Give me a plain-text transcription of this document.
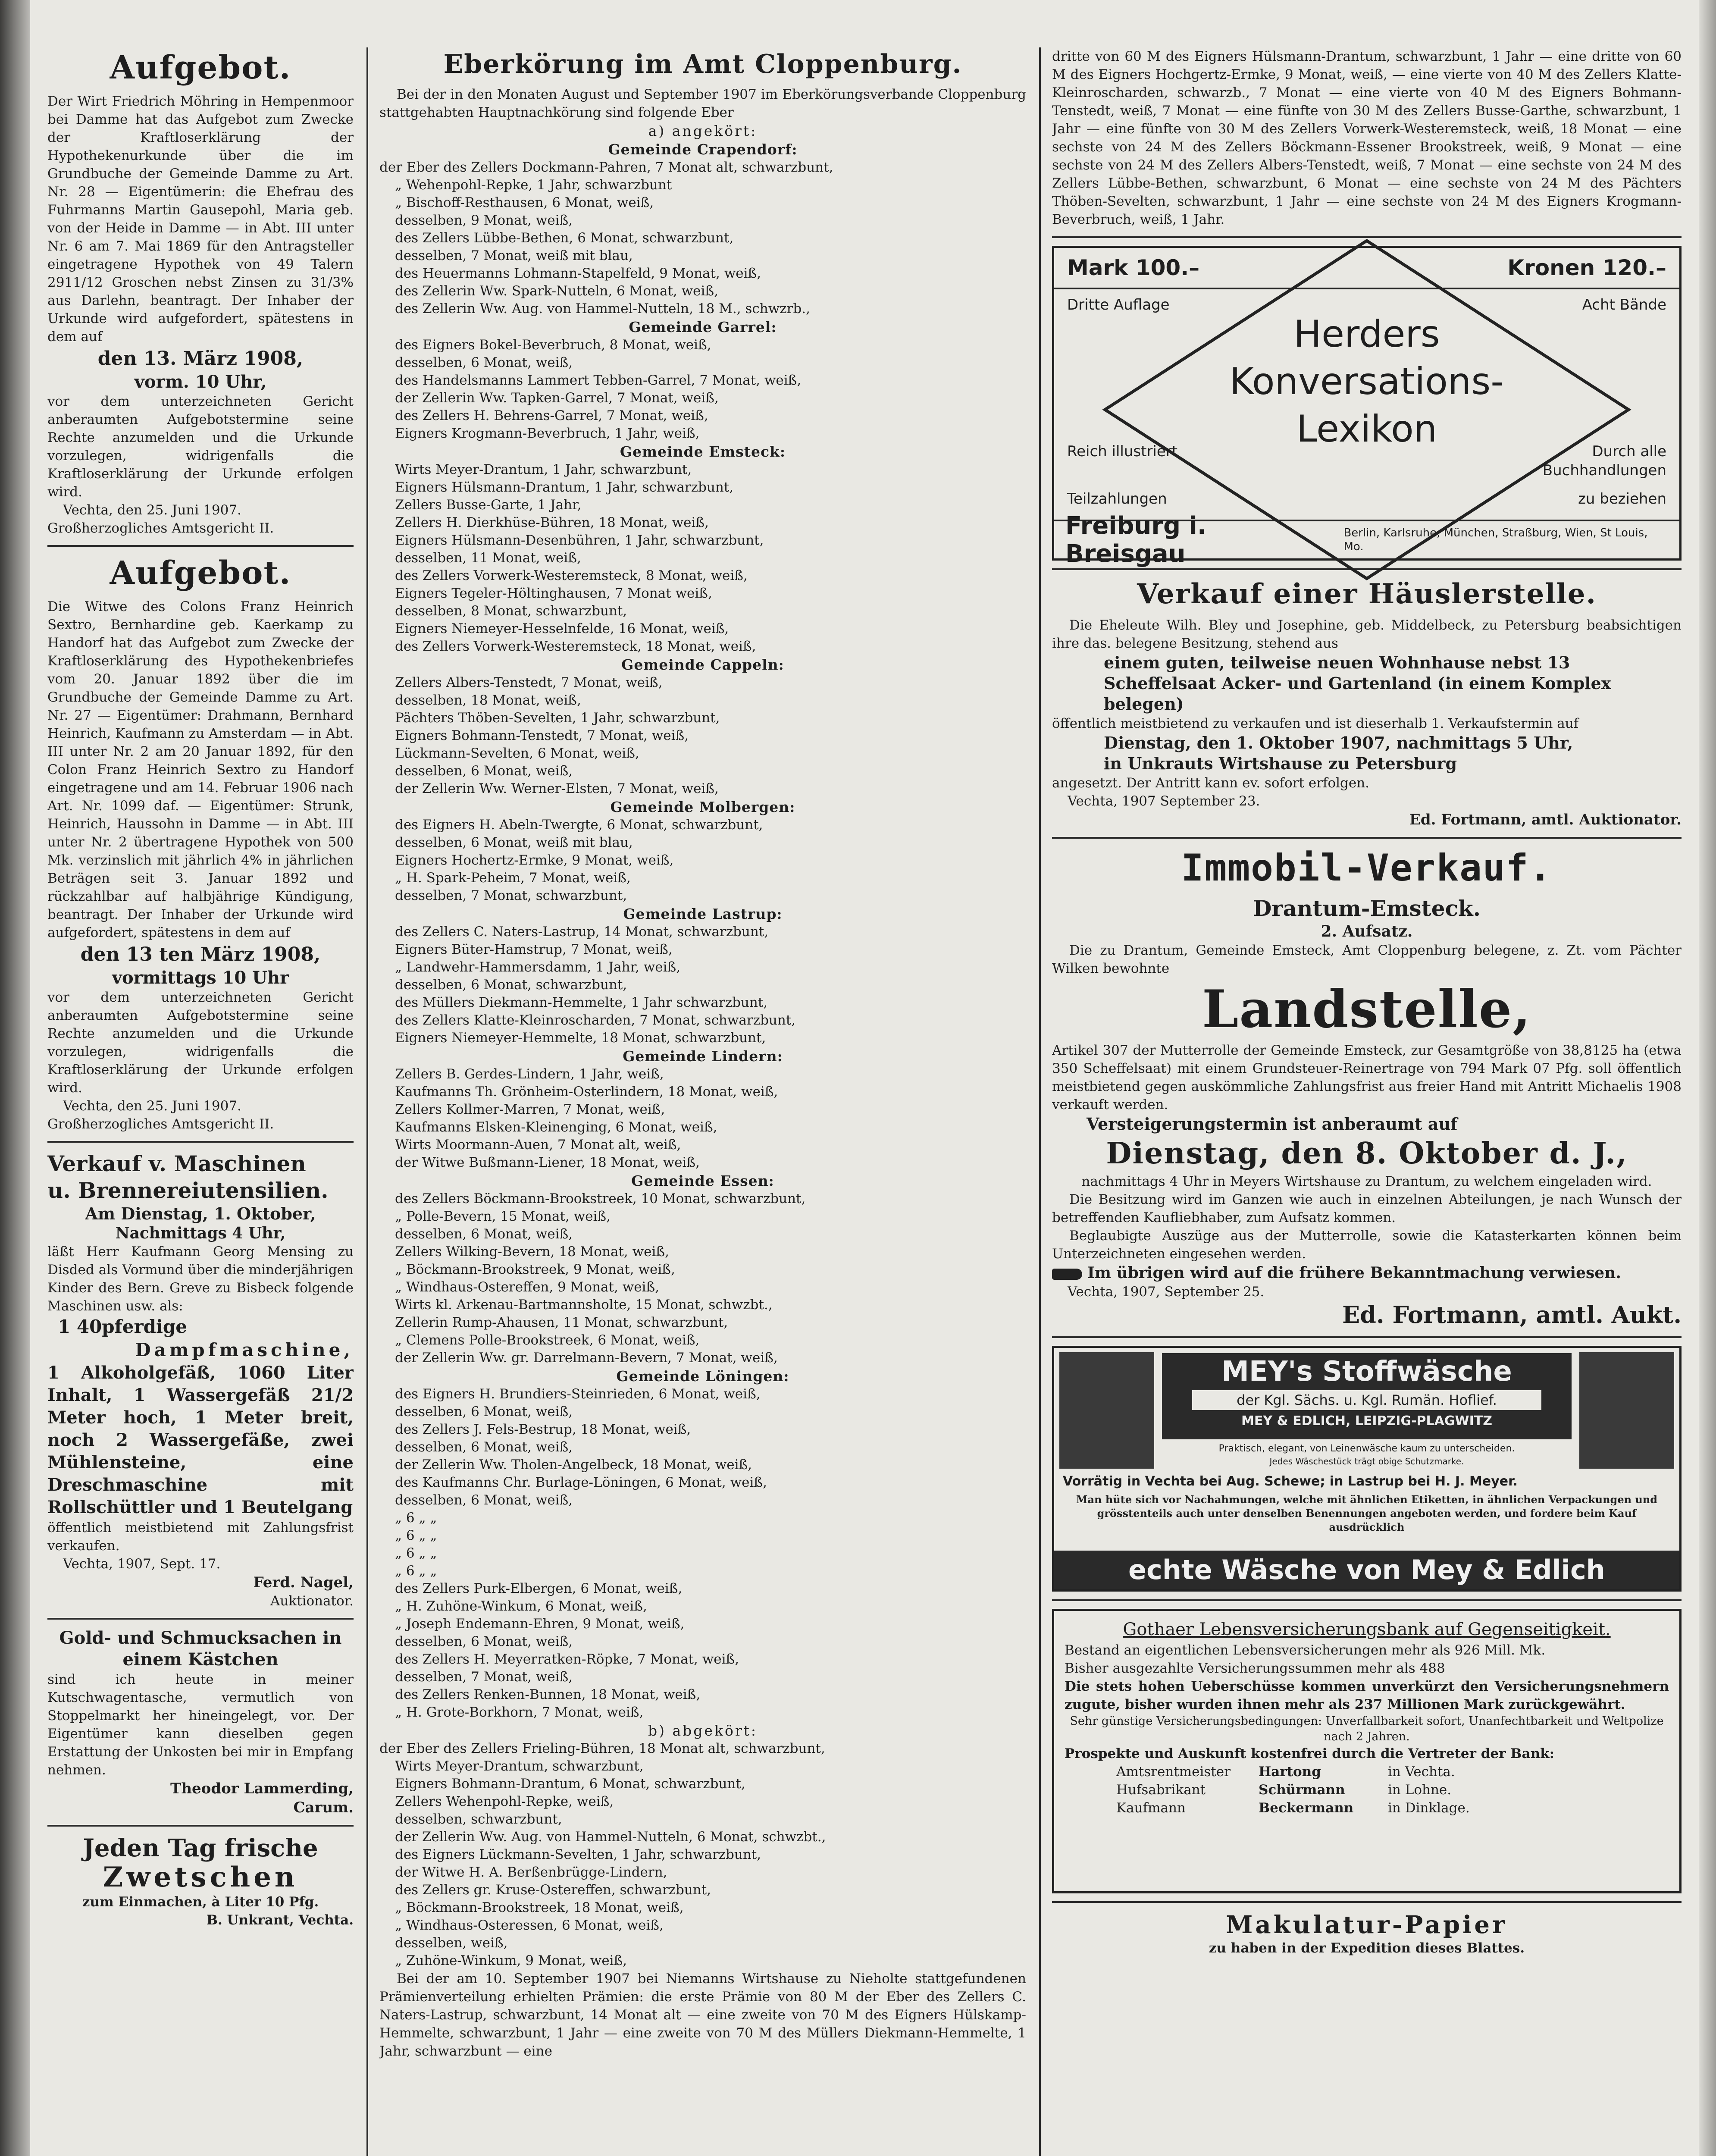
Aufgebot.
Der Wirt Friedrich Möhring in Hempenmoor bei Damme hat das Aufgebot zum Zwecke der Kraftloserklärung der Hypothekenurkunde über die im Grundbuche der Gemeinde Damme zu Art. Nr. 28 — Eigentümerin: die Ehefrau des Fuhrmanns Martin Gausepohl, Maria geb. von der Heide in Damme — in Abt. III unter Nr. 6 am 7. Mai 1869 für den Antragsteller eingetragene Hypothek von 49 Talern 2911/12 Groschen nebst Zinsen zu 31/3% aus Darlehn, beantragt. Der Inhaber der Urkunde wird aufgefordert, spätestens in dem auf
den 13. März 1908,
vorm. 10 Uhr,
vor dem unterzeichneten Gericht anberaumten Aufgebotstermine seine Rechte anzumelden und die Urkunde vorzulegen, widrigenfalls die Kraftloserklärung der Urkunde erfolgen wird.
Vechta, den 25. Juni 1907.
Großherzogliches Amtsgericht II.
Aufgebot.
Die Witwe des Colons Franz Heinrich Sextro, Bernhardine geb. Kaerkamp zu Handorf hat das Aufgebot zum Zwecke der Kraftloserklärung des Hypothekenbriefes vom 20. Januar 1892 über die im Grundbuche der Gemeinde Damme zu Art. Nr. 27 — Eigentümer: Drahmann, Bernhard Heinrich, Kaufmann zu Amsterdam — in Abt. III unter Nr. 2 am 20 Januar 1892, für den Colon Franz Heinrich Sextro zu Handorf eingetragene und am 14. Februar 1906 nach Art. Nr. 1099 daf. — Eigentümer: Strunk, Heinrich, Haussohn in Damme — in Abt. III unter Nr. 2 übertragene Hypothek von 500 Mk. verzinslich mit jährlich 4% in jährlichen Beträgen seit 3. Januar 1892 und rückzahlbar auf halbjährige Kündigung, beantragt. Der Inhaber der Urkunde wird aufgefordert, spätestens in dem auf
den 13 ten März 1908,
vormittags 10 Uhr
vor dem unterzeichneten Gericht anberaumten Aufgebotstermine seine Rechte anzumelden und die Urkunde vorzulegen, widrigenfalls die Kraftloserklärung der Urkunde erfolgen wird.
Vechta, den 25. Juni 1907.
Großherzogliches Amtsgericht II.
Verkauf v. Maschinen
u. Brennereiutensilien.
Am Dienstag, 1. Oktober,
Nachmittags 4 Uhr,
läßt Herr Kaufmann Georg Mensing zu Disded als Vormund über die minderjährigen Kinder des Bern. Greve zu Bisbeck folgende Maschinen usw. als:
1 40pferdige
Dampfmaschine,
1 Alkoholgefäß, 1060 Liter Inhalt, 1 Wassergefäß 21/2 Meter hoch, 1 Meter breit, noch 2 Wassergefäße, zwei Mühlensteine, eine Dreschmaschine mit Rollschüttler und 1 Beutelgang
öffentlich meistbietend mit Zahlungsfrist verkaufen.
Vechta, 1907, Sept. 17.
Ferd. Nagel,
Auktionator.
Gold- und Schmucksachen in einem Kästchen
sind ich heute in meiner Kutschwagentasche, vermutlich von Stoppelmarkt her hineingelegt, vor. Der Eigentümer kann dieselben gegen Erstattung der Unkosten bei mir in Empfang nehmen.
Theodor Lammerding,
Carum.
Jeden Tag frische
Zwetschen
zum Einmachen, à Liter 10 Pfg.
B. Unkrant, Vechta.
Eberkörung im Amt Cloppenburg.
Bei der in den Monaten August und September 1907 im Eberkörungsverbande Cloppenburg stattgehabten Hauptnachkörung sind folgende Eber
a) angekört:
Gemeinde Crapendorf:
der Eber des Zellers Dockmann-Pahren, 7 Monat alt, schwarzbunt,
„ Wehenpohl-Repke, 1 Jahr, schwarzbunt
„ Bischoff-Resthausen, 6 Monat, weiß,
desselben, 9 Monat, weiß,
des Zellers Lübbe-Bethen, 6 Monat, schwarzbunt,
desselben, 7 Monat, weiß mit blau,
des Heuermanns Lohmann-Stapelfeld, 9 Monat, weiß,
des Zellerin Ww. Spark-Nutteln, 6 Monat, weiß,
des Zellerin Ww. Aug. von Hammel-Nutteln, 18 M., schwzrb.,
Gemeinde Garrel:
des Eigners Bokel-Beverbruch, 8 Monat, weiß,
desselben, 6 Monat, weiß,
des Handelsmanns Lammert Tebben-Garrel, 7 Monat, weiß,
der Zellerin Ww. Tapken-Garrel, 7 Monat, weiß,
des Zellers H. Behrens-Garrel, 7 Monat, weiß,
Eigners Krogmann-Beverbruch, 1 Jahr, weiß,
Gemeinde Emsteck:
Wirts Meyer-Drantum, 1 Jahr, schwarzbunt,
Eigners Hülsmann-Drantum, 1 Jahr, schwarzbunt,
Zellers Busse-Garte, 1 Jahr,
Zellers H. Dierkhüse-Bühren, 18 Monat, weiß,
Eigners Hülsmann-Desenbühren, 1 Jahr, schwarzbunt,
desselben, 11 Monat, weiß,
des Zellers Vorwerk-Westeremsteck, 8 Monat, weiß,
Eigners Tegeler-Höltinghausen, 7 Monat weiß,
desselben, 8 Monat, schwarzbunt,
Eigners Niemeyer-Hesselnfelde, 16 Monat, weiß,
des Zellers Vorwerk-Westeremsteck, 18 Monat, weiß,
Gemeinde Cappeln:
Zellers Albers-Tenstedt, 7 Monat, weiß,
desselben, 18 Monat, weiß,
Pächters Thöben-Sevelten, 1 Jahr, schwarzbunt,
Eigners Bohmann-Tenstedt, 7 Monat, weiß,
Lückmann-Sevelten, 6 Monat, weiß,
desselben, 6 Monat, weiß,
der Zellerin Ww. Werner-Elsten, 7 Monat, weiß,
Gemeinde Molbergen:
des Eigners H. Abeln-Twergte, 6 Monat, schwarzbunt,
desselben, 6 Monat, weiß mit blau,
Eigners Hochertz-Ermke, 9 Monat, weiß,
„ H. Spark-Peheim, 7 Monat, weiß,
desselben, 7 Monat, schwarzbunt,
Gemeinde Lastrup:
des Zellers C. Naters-Lastrup, 14 Monat, schwarzbunt,
Eigners Büter-Hamstrup, 7 Monat, weiß,
„ Landwehr-Hammersdamm, 1 Jahr, weiß,
desselben, 6 Monat, schwarzbunt,
des Müllers Diekmann-Hemmelte, 1 Jahr schwarzbunt,
des Zellers Klatte-Kleinroscharden, 7 Monat, schwarzbunt,
Eigners Niemeyer-Hemmelte, 18 Monat, schwarzbunt,
Gemeinde Lindern:
Zellers B. Gerdes-Lindern, 1 Jahr, weiß,
Kaufmanns Th. Grönheim-Osterlindern, 18 Monat, weiß,
Zellers Kollmer-Marren, 7 Monat, weiß,
Kaufmanns Elsken-Kleinenging, 6 Monat, weiß,
Wirts Moormann-Auen, 7 Monat alt, weiß,
der Witwe Bußmann-Liener, 18 Monat, weiß,
Gemeinde Essen:
des Zellers Böckmann-Brookstreek, 10 Monat, schwarzbunt,
„ Polle-Bevern, 15 Monat, weiß,
desselben, 6 Monat, weiß,
Zellers Wilking-Bevern, 18 Monat, weiß,
„ Böckmann-Brookstreek, 9 Monat, weiß,
„ Windhaus-Ostereffen, 9 Monat, weiß,
Wirts kl. Arkenau-Bartmannsholte, 15 Monat, schwzbt.,
Zellerin Rump-Ahausen, 11 Monat, schwarzbunt,
„ Clemens Polle-Brookstreek, 6 Monat, weiß,
der Zellerin Ww. gr. Darrelmann-Bevern, 7 Monat, weiß,
Gemeinde Löningen:
des Eigners H. Brundiers-Steinrieden, 6 Monat, weiß,
desselben, 6 Monat, weiß,
des Zellers J. Fels-Bestrup, 18 Monat, weiß,
desselben, 6 Monat, weiß,
der Zellerin Ww. Tholen-Angelbeck, 18 Monat, weiß,
des Kaufmanns Chr. Burlage-Löningen, 6 Monat, weiß,
desselben, 6 Monat, weiß,
„ 6 „ „
„ 6 „ „
„ 6 „ „
„ 6 „ „
des Zellers Purk-Elbergen, 6 Monat, weiß,
„ H. Zuhöne-Winkum, 6 Monat, weiß,
„ Joseph Endemann-Ehren, 9 Monat, weiß,
desselben, 6 Monat, weiß,
des Zellers H. Meyerratken-Röpke, 7 Monat, weiß,
desselben, 7 Monat, weiß,
des Zellers Renken-Bunnen, 18 Monat, weiß,
„ H. Grote-Borkhorn, 7 Monat, weiß,
b) abgekört:
der Eber des Zellers Frieling-Bühren, 18 Monat alt, schwarzbunt,
Wirts Meyer-Drantum, schwarzbunt,
Eigners Bohmann-Drantum, 6 Monat, schwarzbunt,
Zellers Wehenpohl-Repke, weiß,
desselben, schwarzbunt,
der Zellerin Ww. Aug. von Hammel-Nutteln, 6 Monat, schwzbt.,
des Eigners Lückmann-Sevelten, 1 Jahr, schwarzbunt,
der Witwe H. A. Berßenbrügge-Lindern,
des Zellers gr. Kruse-Ostereffen, schwarzbunt,
„ Böckmann-Brookstreek, 18 Monat, weiß,
„ Windhaus-Osteressen, 6 Monat, weiß,
desselben, weiß,
„ Zuhöne-Winkum, 9 Monat, weiß,
Bei der am 10. September 1907 bei Niemanns Wirtshause zu Nieholte stattgefundenen Prämienverteilung erhielten Prämien: die erste Prämie von 80 M der Eber des Zellers C. Naters-Lastrup, schwarzbunt, 14 Monat alt — eine zweite von 70 M des Eigners Hülskamp-Hemmelte, schwarzbunt, 1 Jahr — eine zweite von 70 M des Müllers Diekmann-Hemmelte, 1 Jahr, schwarzbunt — eine
dritte von 60 M des Eigners Hülsmann-Drantum, schwarzbunt, 1 Jahr — eine dritte von 60 M des Eigners Hochgertz-Ermke, 9 Monat, weiß, — eine vierte von 40 M des Zellers Klatte-Kleinroscharden, schwarzb., 7 Monat — eine vierte von 40 M des Eigners Bohmann-Tenstedt, weiß, 7 Monat — eine fünfte von 30 M des Zellers Busse-Garthe, schwarzbunt, 1 Jahr — eine fünfte von 30 M des Zellers Vorwerk-Westeremsteck, weiß, 18 Monat — eine sechste von 24 M des Zellers Böckmann-Essener Brookstreek, weiß, 9 Monat — eine sechste von 24 M des Zellers Albers-Tenstedt, weiß, 7 Monat — eine sechste von 24 M des Zellers Lübbe-Bethen, schwarzbunt, 6 Monat — eine sechste von 24 M des Pächters Thöben-Sevelten, schwarzbunt, 1 Jahr — eine sechste von 24 M des Eigners Krogmann-Beverbruch, weiß, 1 Jahr.
Mark 100.–	Kronen 120.–
Dritte Auflage	Acht Bände
Herders
Konversations-
Lexikon
Reich illustriert
Teilzahlungen
Durch alle Buchhandlungen
zu beziehen
Freiburg i. Breisgau
Berlin, Karlsruhe, München, Straßburg, Wien, St Louis, Mo.
Verkauf einer Häuslerstelle.
Die Eheleute Wilh. Bley und Josephine, geb. Middelbeck, zu Petersburg beabsichtigen ihre das. belegene Besitzung, stehend aus
einem guten, teilweise neuen Wohnhause nebst 13 Scheffelsaat Acker- und Gartenland (in einem Komplex belegen)
öffentlich meistbietend zu verkaufen und ist dieserhalb 1. Verkaufstermin auf
Dienstag, den 1. Oktober 1907, nachmittags 5 Uhr,
in Unkrauts Wirtshause zu Petersburg
angesetzt. Der Antritt kann ev. sofort erfolgen.
Vechta, 1907 September 23.
Ed. Fortmann, amtl. Auktionator.
Immobil-Verkauf.
Drantum-Emsteck.
2. Aufsatz.
Die zu Drantum, Gemeinde Emsteck, Amt Cloppenburg belegene, z. Zt. vom Pächter Wilken bewohnte
Landstelle,
Artikel 307 der Mutterrolle der Gemeinde Emsteck, zur Gesamtgröße von 38,8125 ha (etwa 350 Scheffelsaat) mit einem Grundsteuer-Reinertrage von 794 Mark 07 Pfg. soll öffentlich meistbietend gegen auskömmliche Zahlungsfrist aus freier Hand mit Antritt Michaelis 1908 verkauft werden.
Versteigerungstermin ist anberaumt auf
Dienstag, den 8. Oktober d. J.,
nachmittags 4 Uhr in Meyers Wirtshause zu Drantum, zu welchem eingeladen wird.
Die Besitzung wird im Ganzen wie auch in einzelnen Abteilungen, je nach Wunsch der betreffenden Kaufliebhaber, zum Aufsatz kommen.
Beglaubigte Auszüge aus der Mutterrolle, sowie die Katasterkarten können beim Unterzeichneten eingesehen werden.
Im übrigen wird auf die frühere Bekanntmachung verwiesen.
Vechta, 1907, September 25.
Ed. Fortmann, amtl. Aukt.
MEY's Stoffwäsche
der Kgl. Sächs. u. Kgl. Rumän. Hoflief.
MEY & EDLICH, LEIPZIG-PLAGWITZ
Praktisch, elegant, von Leinenwäsche kaum zu unterscheiden.
Jedes Wäschestück trägt obige Schutzmarke.
Vorrätig in Vechta bei Aug. Schewe; in Lastrup bei H. J. Meyer.
Man hüte sich vor Nachahmungen, welche mit ähnlichen Etiketten, in ähnlichen Verpackungen und grösstenteils auch unter denselben Benennungen angeboten werden, und fordere beim Kauf ausdrücklich
echte Wäsche von Mey & Edlich
Gothaer Lebensversicherungsbank auf Gegenseitigkeit.
Bestand an eigentlichen Lebensversicherungen mehr als 926 Mill. Mk.
Bisher ausgezahlte Versicherungssummen mehr als 488
Die stets hohen Ueberschüsse kommen unverkürzt den Versicherungsnehmern zugute, bisher wurden ihnen mehr als 237 Millionen Mark zurückgewährt.
Sehr günstige Versicherungsbedingungen: Unverfallbarkeit sofort, Unanfechtbarkeit und Weltpolize nach 2 Jahren.
Prospekte und Auskunft kostenfrei durch die Vertreter der Bank:
Amtsrentmeister	Hartong	in Vechta.
Hufsabrikant	Schürmann	in Lohne.
Kaufmann	Beckermann	in Dinklage.
Makulatur-Papier
zu haben in der Expedition dieses Blattes.
